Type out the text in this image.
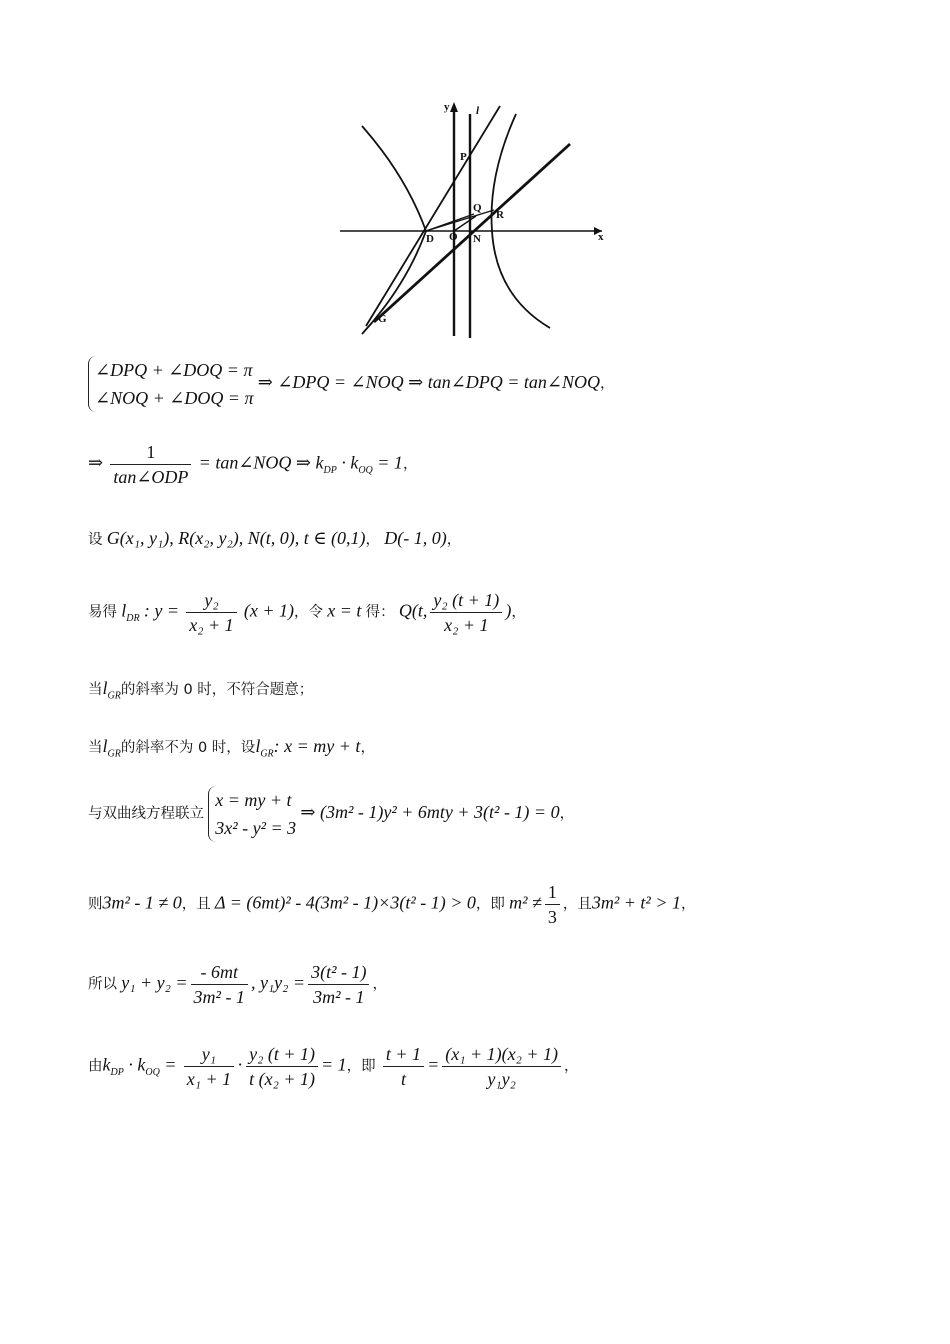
y l
P
Q
R
D O N	x
G
∠DPQ + ∠DOQ = π
∠NOQ + ∠DOQ = π ⇒ ∠DPQ = ∠NOQ ⇒ tan∠DPQ = tan∠NOQ，
⇒ $\frac{1}{\text{tan∠ODP}}$ = tan∠NOQ ⇒ $k_{DP} \cdot k_{OQ} = 1$，
设 G(x₁, y₁), R(x₂, y₂), N(t, 0), t ∈ (0,1)， D(- 1, 0)，
易得 $l_{DR}$ : $y = \frac{\text{y₂}}{\text{x₂ + 1}} (x + 1)$，令 x = t 得： Q(t, $\frac{\text{y₂ (t + 1)}}{\text{x₂ + 1}}$ )，
当$l_{GR}$的斜率为 0 时，不符合题意；
当$l_{GR}$的斜率不为 0 时，设$l_{GR}$: x = my + t，
与双曲线方程联立 x = my + t
3x² - y² = 3 ⇒ (3m² - 1)y² + 6mty + 3(t² - 1) = 0，
则3m² - 1 ≠ 0，且 Δ = (6mt)² - 4(3m² - 1)×3(t² - 1) > 0，即 $m^2 \ne \frac{1}{3}$ ，且3m² + t² > 1，
所以 $y_1 + y_2 = \frac{- 6mt}{\text{3m² - 1}}$ , $y_1y_2 = \frac{\text{3(t² - 1)}}{\text{3m² - 1}}$ ，
由$k_{DP} \cdot k_{OQ} = \frac{\text{y₁}}{\text{x₁ + 1}} \cdot \frac{\text{y₂ (t + 1)}}{\text{t (x₂ + 1)}} = 1$，即 $\frac{t + 1}{t} = \frac{\text{(x₁ + 1)(x₂ + 1)}}{\text{y₁y₂}}$ ，
